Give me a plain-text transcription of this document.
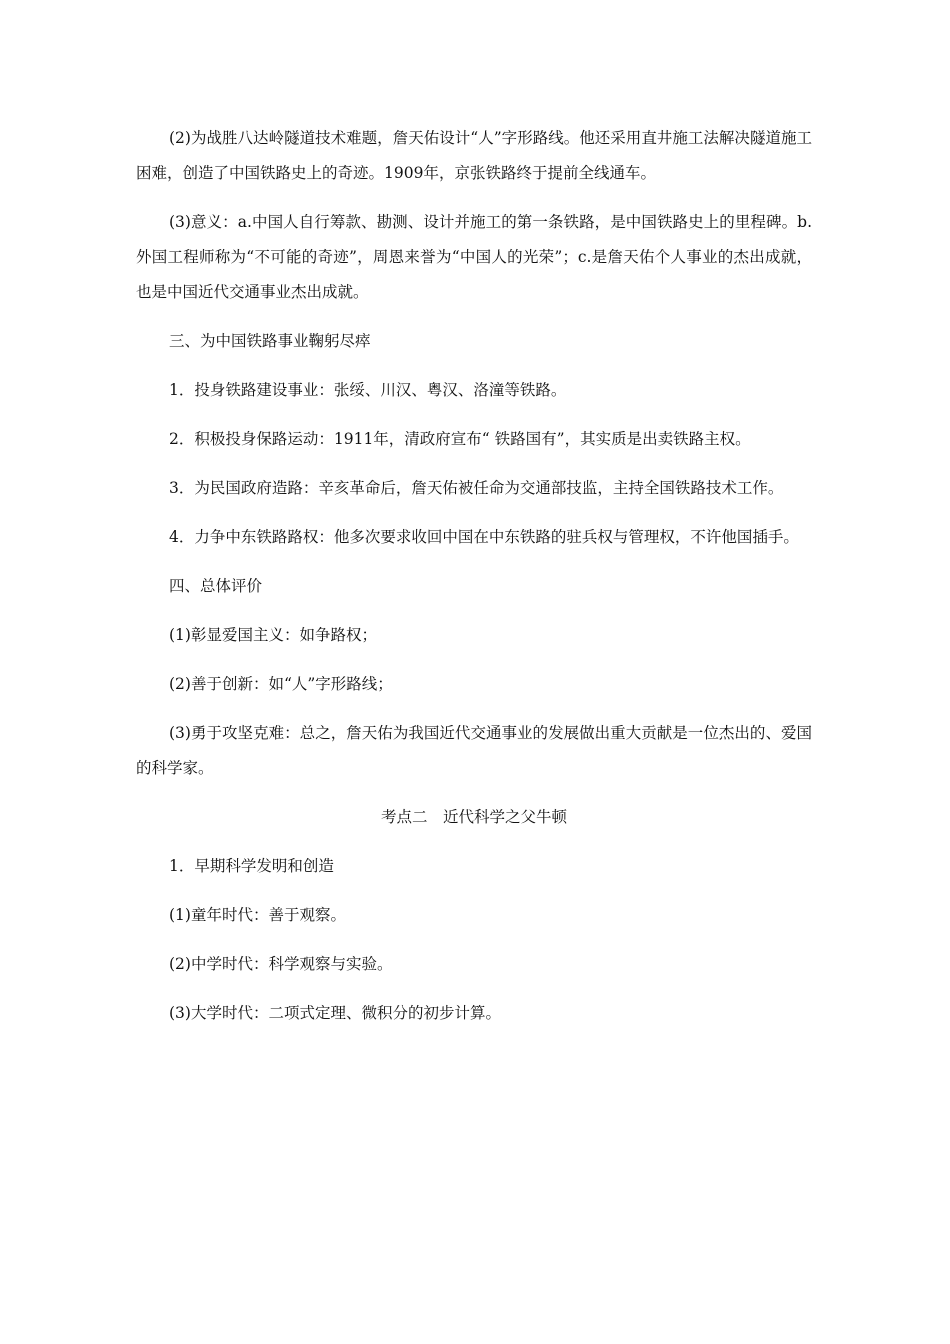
(2)为战胜八达岭隧道技术难题，詹天佑设计“人”字形路线。他还采用直井施工法解决隧道施工困难，创造了中国铁路史上的奇迹。1909年，京张铁路终于提前全线通车。

(3)意义：a.中国人自行筹款、勘测、设计并施工的第一条铁路，是中国铁路史上的里程碑。b.外国工程师称为“不可能的奇迹”，周恩来誉为“中国人的光荣”；c.是詹天佑个人事业的杰出成就，也是中国近代交通事业杰出成就。

三、为中国铁路事业鞠躬尽瘁

1．投身铁路建设事业：张绥、川汉、粤汉、洛潼等铁路。

2．积极投身保路运动：1911年，清政府宣布“ 铁路国有”，其实质是出卖铁路主权。

3．为民国政府造路：辛亥革命后，詹天佑被任命为交通部技监，主持全国铁路技术工作。

4．力争中东铁路路权：他多次要求收回中国在中东铁路的驻兵权与管理权，不许他国插手。

四、总体评价

(1)彰显爱国主义：如争路权；

(2)善于创新：如“人”字形路线；

(3)勇于攻坚克难：总之，詹天佑为我国近代交通事业的发展做出重大贡献是一位杰出的、爱国的科学家。

考点二　近代科学之父牛顿

1．早期科学发明和创造

(1)童年时代：善于观察。

(2)中学时代：科学观察与实验。

(3)大学时代：二项式定理、微积分的初步计算。
